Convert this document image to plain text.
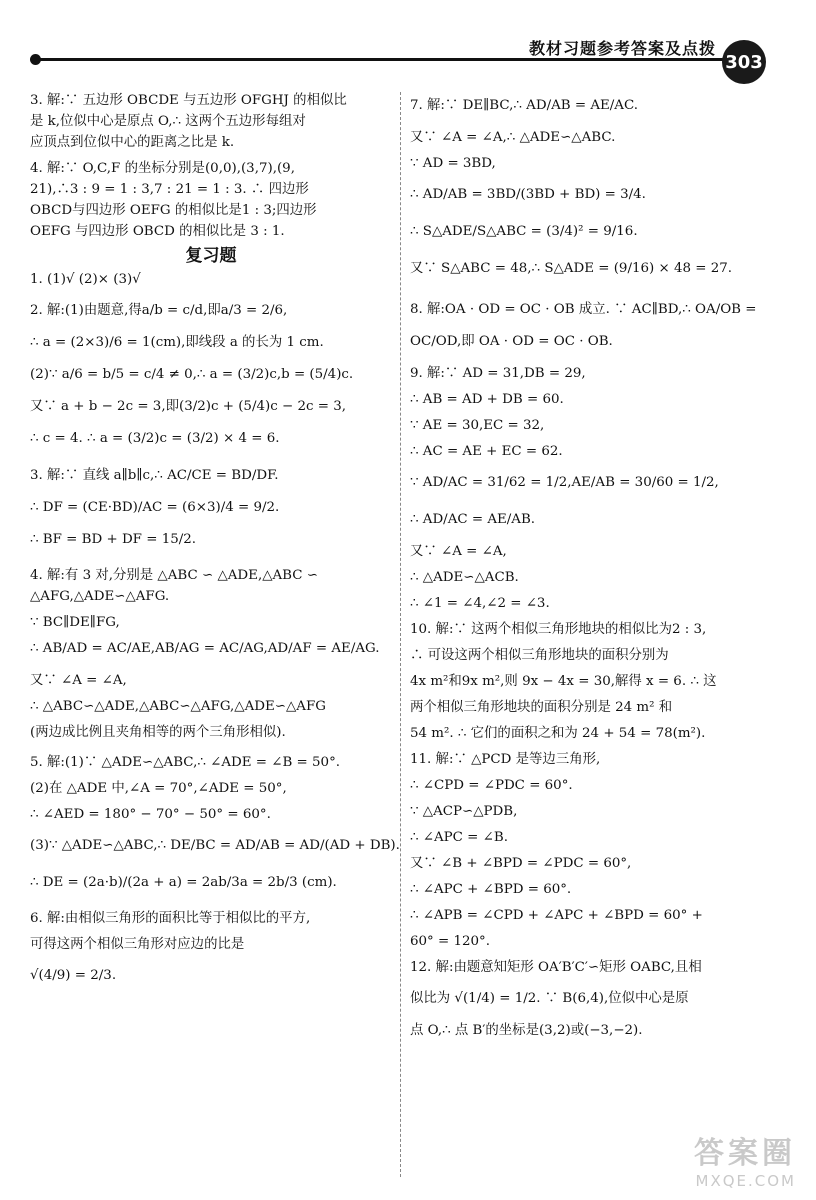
教材习题参考答案及点拨
303
3. 解:∵ 五边形 OBCDE 与五边形 OFGHJ 的相似比
是 k,位似中心是原点 O,∴ 这两个五边形每组对
应顶点到位似中心的距离之比是 k.
4. 解:∵ O,C,F 的坐标分别是(0,0),(3,7),(9,
21),∴3 : 9 = 1 : 3,7 : 21 = 1 : 3. ∴ 四边形
OBCD与四边形 OEFG 的相似比是1 : 3;四边形
OEFG 与四边形 OBCD 的相似比是 3 : 1.
复习题
1. (1)√ (2)× (3)√
2. 解:(1)由题意,得a/b = c/d,即a/3 = 2/6,
∴ a = (2×3)/6 = 1(cm),即线段 a 的长为 1 cm.
(2)∵ a/6 = b/5 = c/4 ≠ 0,∴ a = (3/2)c,b = (5/4)c.
又∵ a + b − 2c = 3,即(3/2)c + (5/4)c − 2c = 3,
∴ c = 4. ∴ a = (3/2)c = (3/2) × 4 = 6.
3. 解:∵ 直线 a∥b∥c,∴ AC/CE = BD/DF.
∴ DF = (CE·BD)/AC = (6×3)/4 = 9/2.
∴ BF = BD + DF = 15/2.
4. 解:有 3 对,分别是 △ABC ∽ △ADE,△ABC ∽
△AFG,△ADE∽△AFG.
∵ BC∥DE∥FG,
∴ AB/AD = AC/AE,AB/AG = AC/AG,AD/AF = AE/AG.
又∵ ∠A = ∠A,
∴ △ABC∽△ADE,△ABC∽△AFG,△ADE∽△AFG
(两边成比例且夹角相等的两个三角形相似).
5. 解:(1)∵ △ADE∽△ABC,∴ ∠ADE = ∠B = 50°.
(2)在 △ADE 中,∠A = 70°,∠ADE = 50°,
∴ ∠AED = 180° − 70° − 50° = 60°.
(3)∵ △ADE∽△ABC,∴ DE/BC = AD/AB = AD/(AD + DB).
∴ DE = (2a·b)/(2a + a) = 2ab/3a = 2b/3 (cm).
6. 解:由相似三角形的面积比等于相似比的平方,
可得这两个相似三角形对应边的比是
√(4/9) = 2/3.
7. 解:∵ DE∥BC,∴ AD/AB = AE/AC.
又∵ ∠A = ∠A,∴ △ADE∽△ABC.
∵ AD = 3BD,
∴ AD/AB = 3BD/(3BD + BD) = 3/4.
∴ S△ADE/S△ABC = (3/4)² = 9/16.
又∵ S△ABC = 48,∴ S△ADE = (9/16) × 48 = 27.
8. 解:OA · OD = OC · OB 成立. ∵ AC∥BD,∴ OA/OB =
OC/OD,即 OA · OD = OC · OB.
9. 解:∵ AD = 31,DB = 29,
∴ AB = AD + DB = 60.
∵ AE = 30,EC = 32,
∴ AC = AE + EC = 62.
∵ AD/AC = 31/62 = 1/2,AE/AB = 30/60 = 1/2,
∴ AD/AC = AE/AB.
又∵ ∠A = ∠A,
∴ △ADE∽△ACB.
∴ ∠1 = ∠4,∠2 = ∠3.
10. 解:∵ 这两个相似三角形地块的相似比为2 : 3,
∴ 可设这两个相似三角形地块的面积分别为
4x m²和9x m²,则 9x − 4x = 30,解得 x = 6. ∴ 这
两个相似三角形地块的面积分别是 24 m² 和
54 m². ∴ 它们的面积之和为 24 + 54 = 78(m²).
11. 解:∵ △PCD 是等边三角形,
∴ ∠CPD = ∠PDC = 60°.
∵ △ACP∽△PDB,
∴ ∠APC = ∠B.
又∵ ∠B + ∠BPD = ∠PDC = 60°,
∴ ∠APC + ∠BPD = 60°.
∴ ∠APB = ∠CPD + ∠APC + ∠BPD = 60° +
60° = 120°.
12. 解:由题意知矩形 OA′B′C′∽矩形 OABC,且相
似比为 √(1/4) = 1/2. ∵ B(6,4),位似中心是原
点 O,∴ 点 B′的坐标是(3,2)或(−3,−2).
答案圈
MXQE.COM
